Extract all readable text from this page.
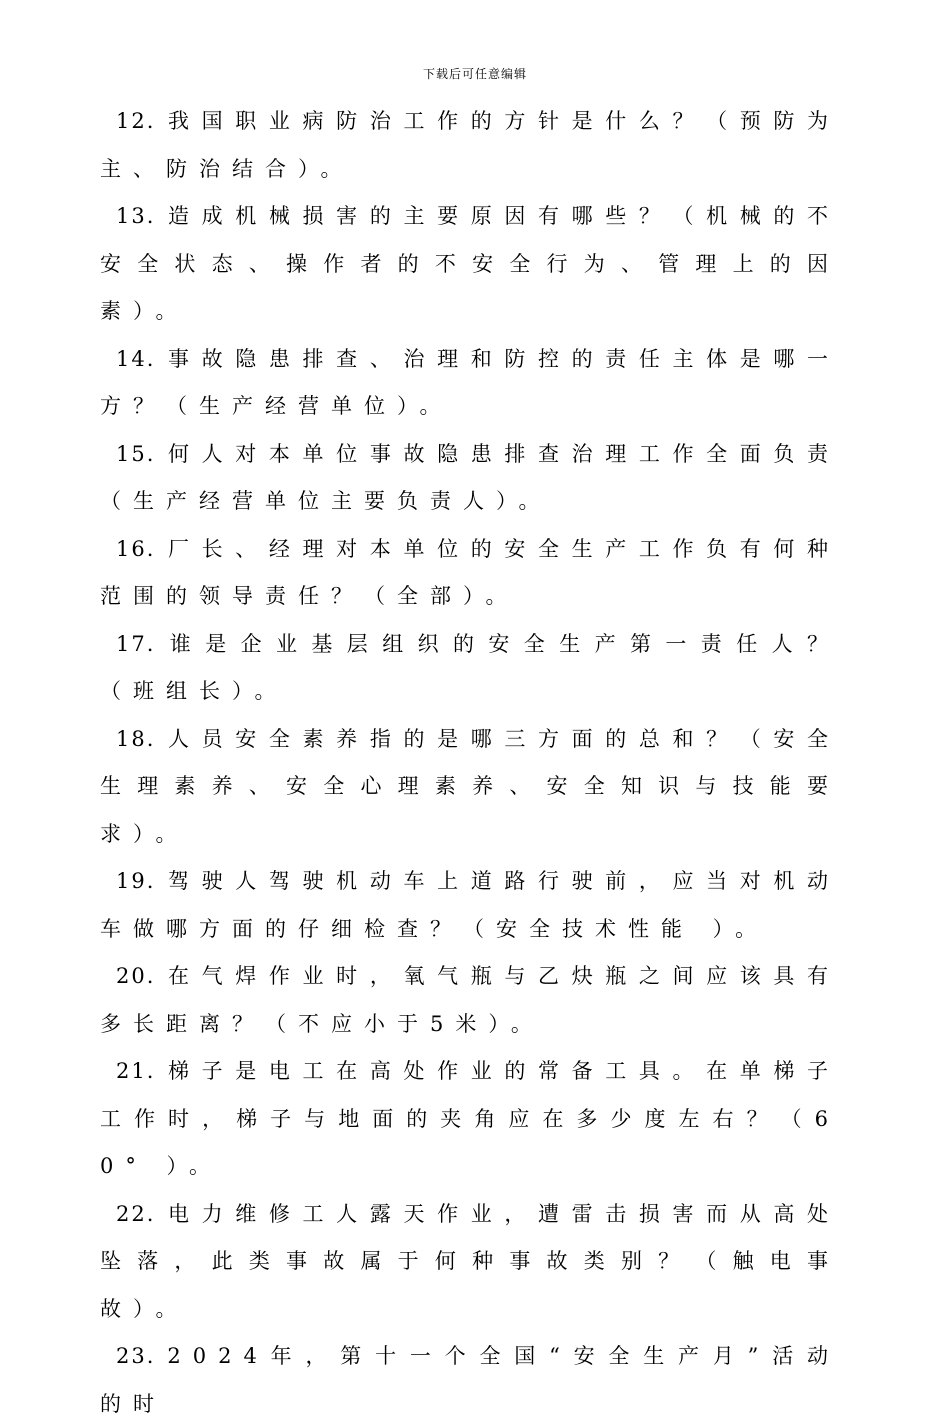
下载后可任意编辑

12. 我国职业病防治工作的方针是什么？（预防为主、防治结合）。

13. 造成机械损害的主要原因有哪些？（机械的不安全状态、操作者的不安全行为、管理上的因素）。

14. 事故隐患排查、治理和防控的责任主体是哪一方？（生产经营单位）。

15. 何人对本单位事故隐患排查治理工作全面负责（生产经营单位主要负责人）。

16. 厂长、经理对本单位的安全生产工作负有何种范围的领导责任？（全部）。

17. 谁是企业基层组织的安全生产第一责任人？（班组长）。

18. 人员安全素养指的是哪三方面的总和？（安全生理素养、安全心理素养、安全知识与技能要求）。

19. 驾驶人驾驶机动车上道路行驶前，应当对机动车做哪方面的仔细检查？（安全技术性能 ）。

20. 在气焊作业时，氧气瓶与乙炔瓶之间应该具有多长距离？（不应小于5米）。

21. 梯子是电工在高处作业的常备工具。在单梯子工作时，梯子与地面的夹角应在多少度左右？（60° ）。

22. 电力维修工人露天作业，遭雷击损害而从高处坠落，此类事故属于何种事故类别？（触电事故）。

23. 2024年，第十一个全国“安全生产月”活动的时
